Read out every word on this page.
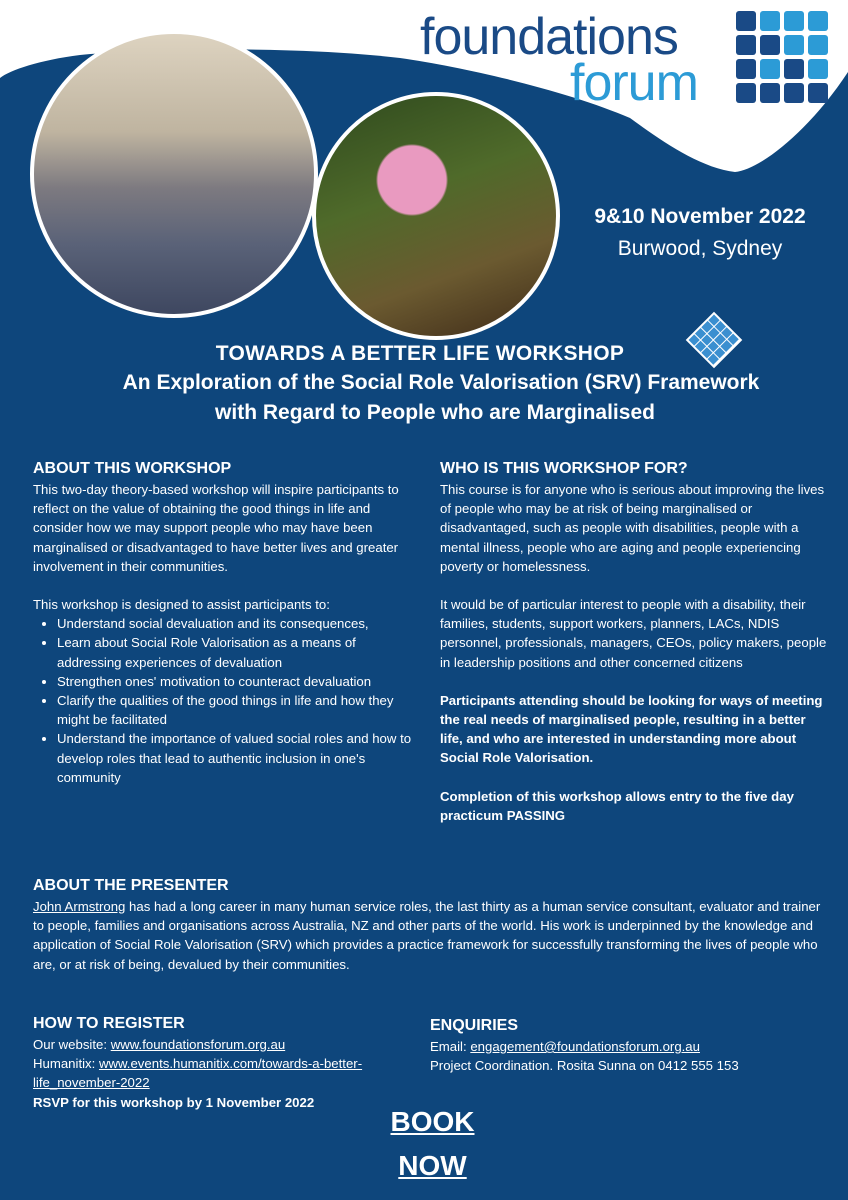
foundations
forum
9&10 November 2022
Burwood, Sydney
TOWARDS A BETTER LIFE WORKSHOP
An Exploration of the Social Role Valorisation (SRV) Framework
with Regard to People who are Marginalised
ABOUT THIS WORKSHOP

This two-day theory-based workshop will inspire participants to reflect on the value of obtaining the good things in life and consider how we may support people who may have been marginalised or disadvantaged to have better lives and greater involvement in their communities.

This workshop is designed to assist participants to:

• Understand social devaluation and its consequences,
• Learn about Social Role Valorisation as a means of addressing experiences of devaluation
• Strengthen ones' motivation to counteract devaluation
• Clarify the qualities of the good things in life and how they might be facilitated
• Understand the importance of valued social roles and how to develop roles that lead to authentic inclusion in one's community
WHO IS THIS WORKSHOP FOR?

This course is for anyone who is serious about improving the lives of people who may be at risk of being marginalised or disadvantaged, such as people with disabilities, people with a mental illness, people who are aging and people experiencing poverty or homelessness.

It would be of particular interest to people with a disability, their families, students, support workers, planners, LACs, NDIS personnel, professionals, managers, CEOs, policy makers, people in leadership positions and other concerned citizens

Participants attending should be looking for ways of meeting the real needs of marginalised people, resulting in a better life, and who are interested in understanding more about Social Role Valorisation.

Completion of this workshop allows entry to the five day practicum PASSING

ABOUT THE PRESENTER

John Armstrong has had a long career in many human service roles, the last thirty as a human service consultant, evaluator and trainer to people, families and organisations across Australia, NZ and other parts of the world. His work is underpinned by the knowledge and application of Social Role Valorisation (SRV) which provides a practice framework for successfully transforming the lives of people who are, or at risk of being, devalued by their communities.

HOW TO REGISTER

Our website: www.foundationsforum.org.au

Humanitix: www.events.humanitix.com/towards-a-better-life_november-2022

RSVP for this workshop by 1 November 2022

ENQUIRIES

Email: engagement@foundationsforum.org.au

Project Coordination. Rosita Sunna on 0412 555 153

BOOK
NOW
